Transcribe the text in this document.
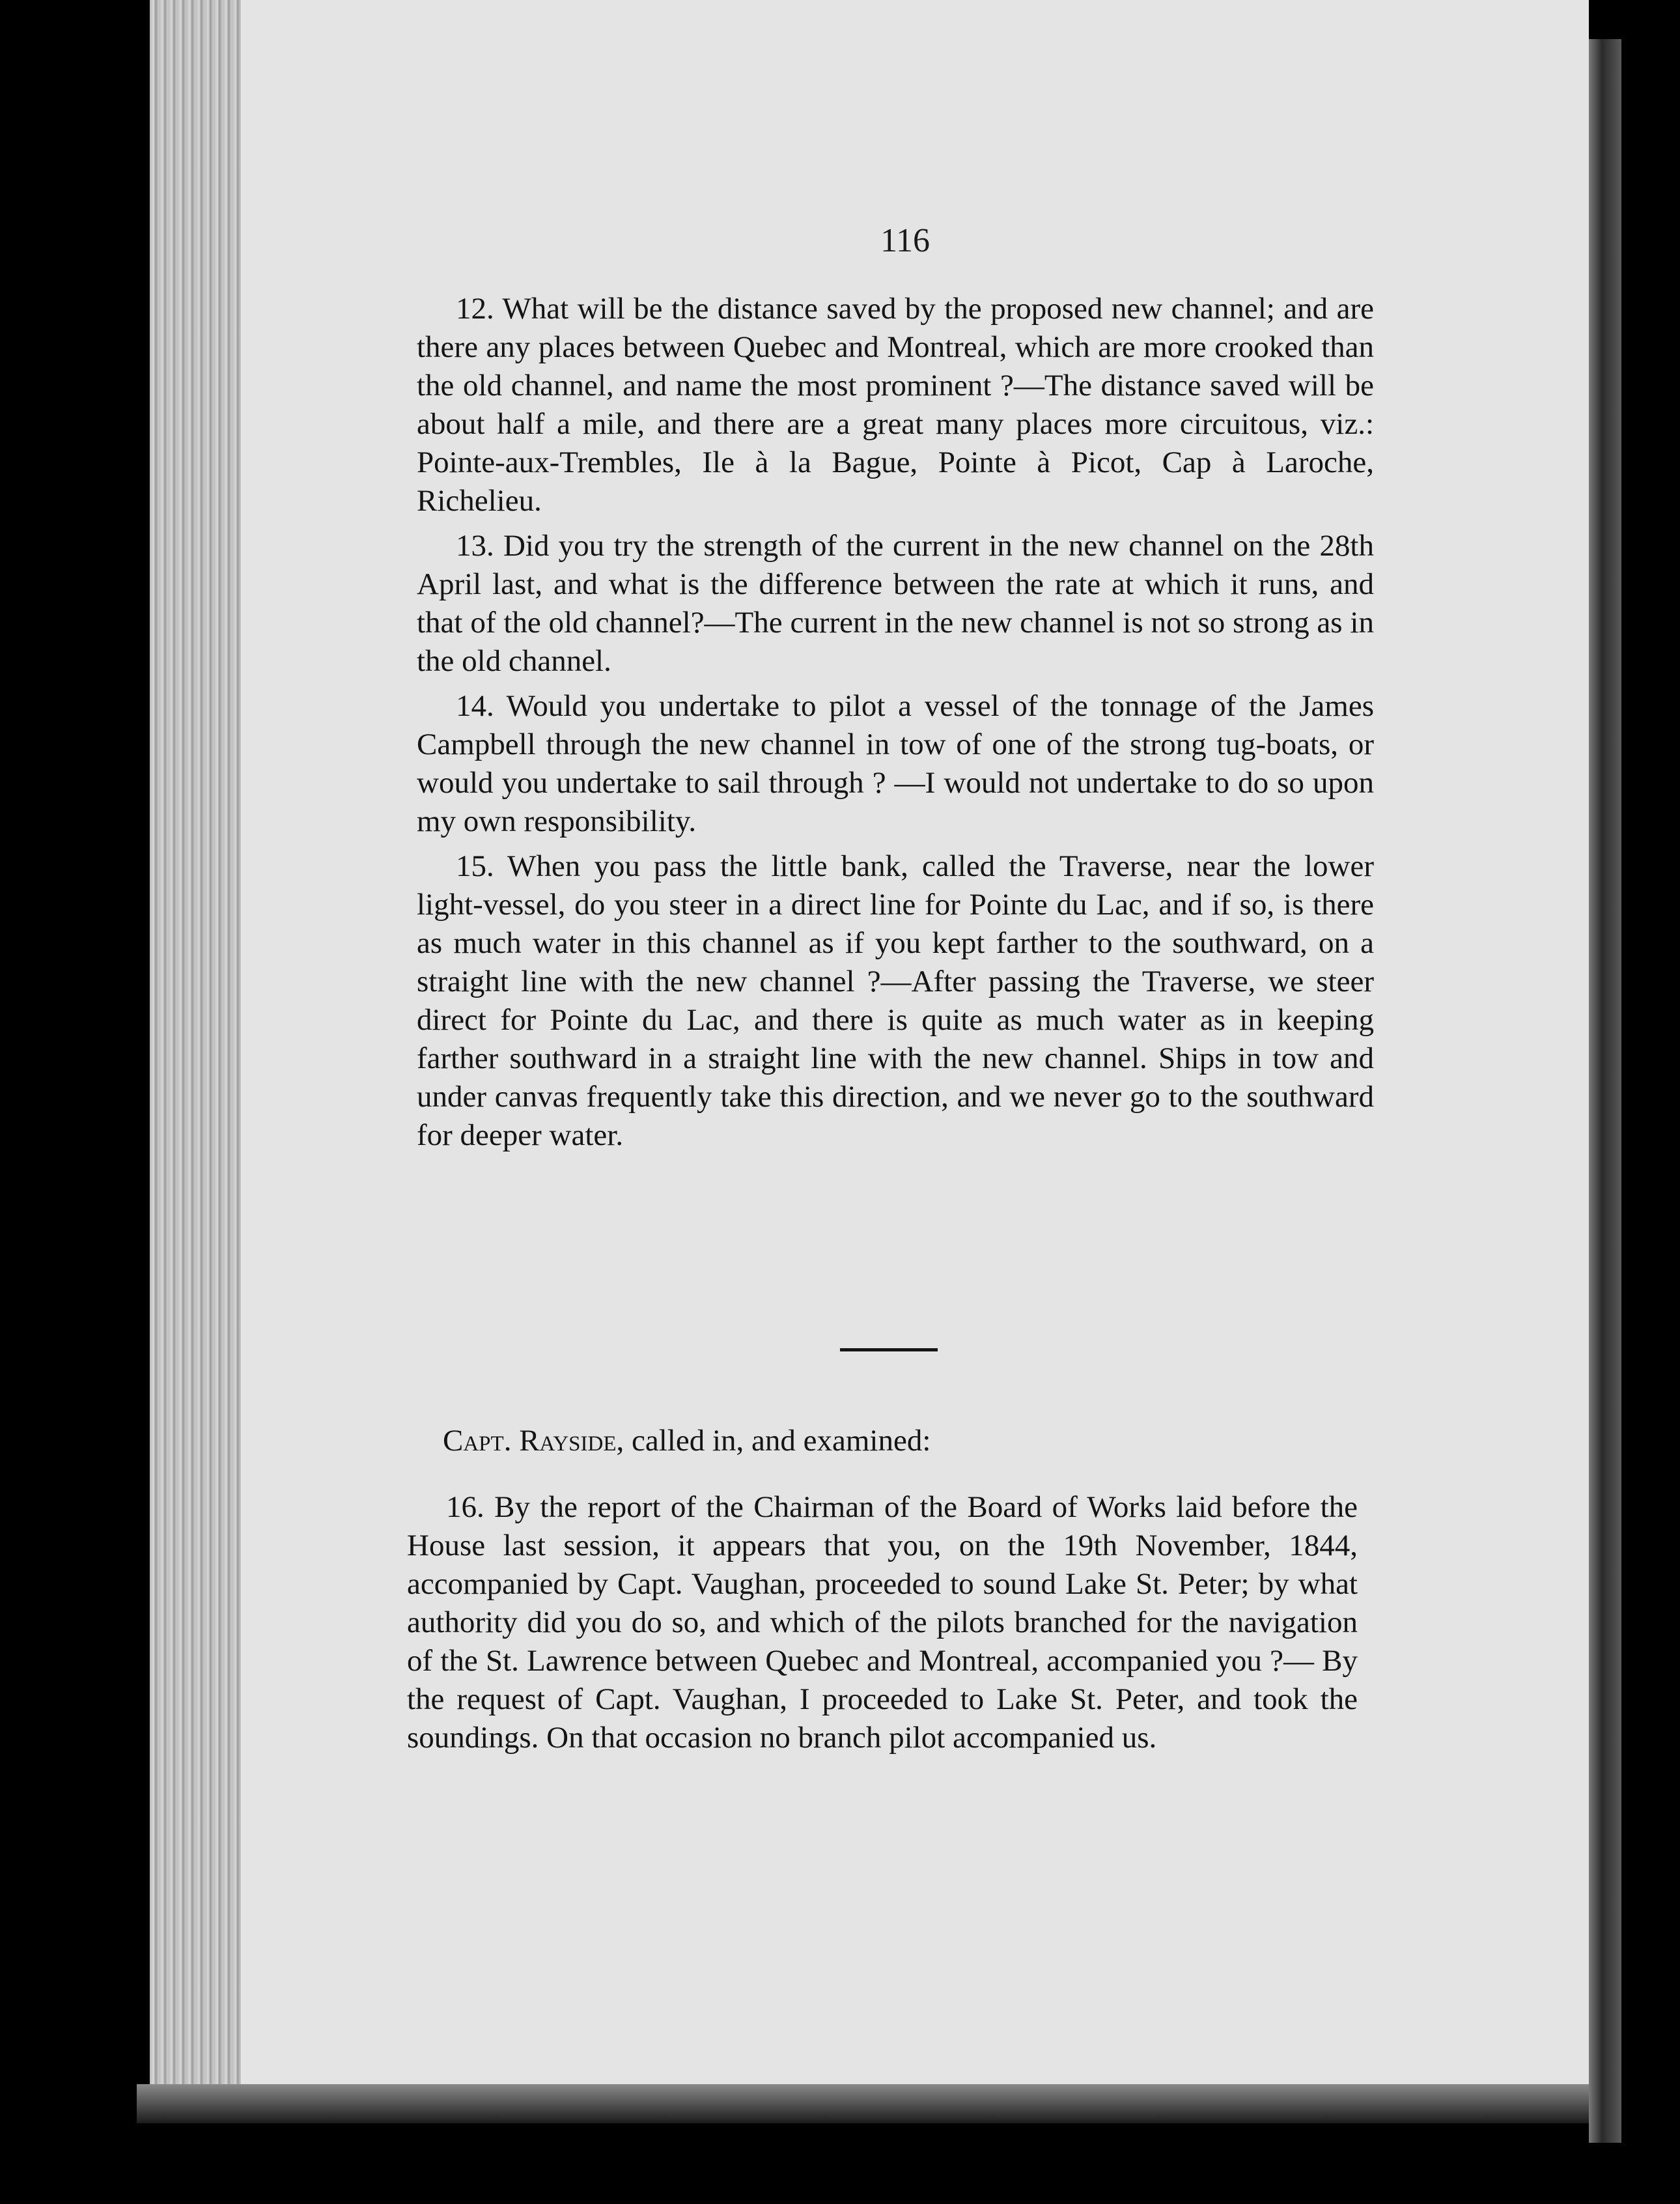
116

12. What will be the distance saved by the proposed new channel; and are there any places between Quebec and Montreal, which are more crooked than the old channel, and name the most prominent ?—The distance saved will be about half a mile, and there are a great many places more circuitous, viz.: Pointe-aux-Trembles, Ile à la Bague, Pointe à Picot, Cap à Laroche, Richelieu.

13. Did you try the strength of the current in the new channel on the 28th April last, and what is the difference between the rate at which it runs, and that of the old channel?—The current in the new channel is not so strong as in the old channel.

14. Would you undertake to pilot a vessel of the tonnage of the James Campbell through the new channel in tow of one of the strong tug-boats, or would you undertake to sail through ? —I would not undertake to do so upon my own responsibility.

15. When you pass the little bank, called the Traverse, near the lower light-vessel, do you steer in a direct line for Pointe du Lac, and if so, is there as much water in this channel as if you kept farther to the southward, on a straight line with the new channel ?—After passing the Traverse, we steer direct for Pointe du Lac, and there is quite as much water as in keeping farther southward in a straight line with the new channel. Ships in tow and under canvas frequently take this direction, and we never go to the southward for deeper water.

Capt. Rayside, called in, and examined:

16. By the report of the Chairman of the Board of Works laid before the House last session, it appears that you, on the 19th November, 1844, accompanied by Capt. Vaughan, proceeded to sound Lake St. Peter; by what authority did you do so, and which of the pilots branched for the navigation of the St. Lawrence between Quebec and Montreal, accompanied you ?— By the request of Capt. Vaughan, I proceeded to Lake St. Peter, and took the soundings. On that occasion no branch pilot accompanied us.
